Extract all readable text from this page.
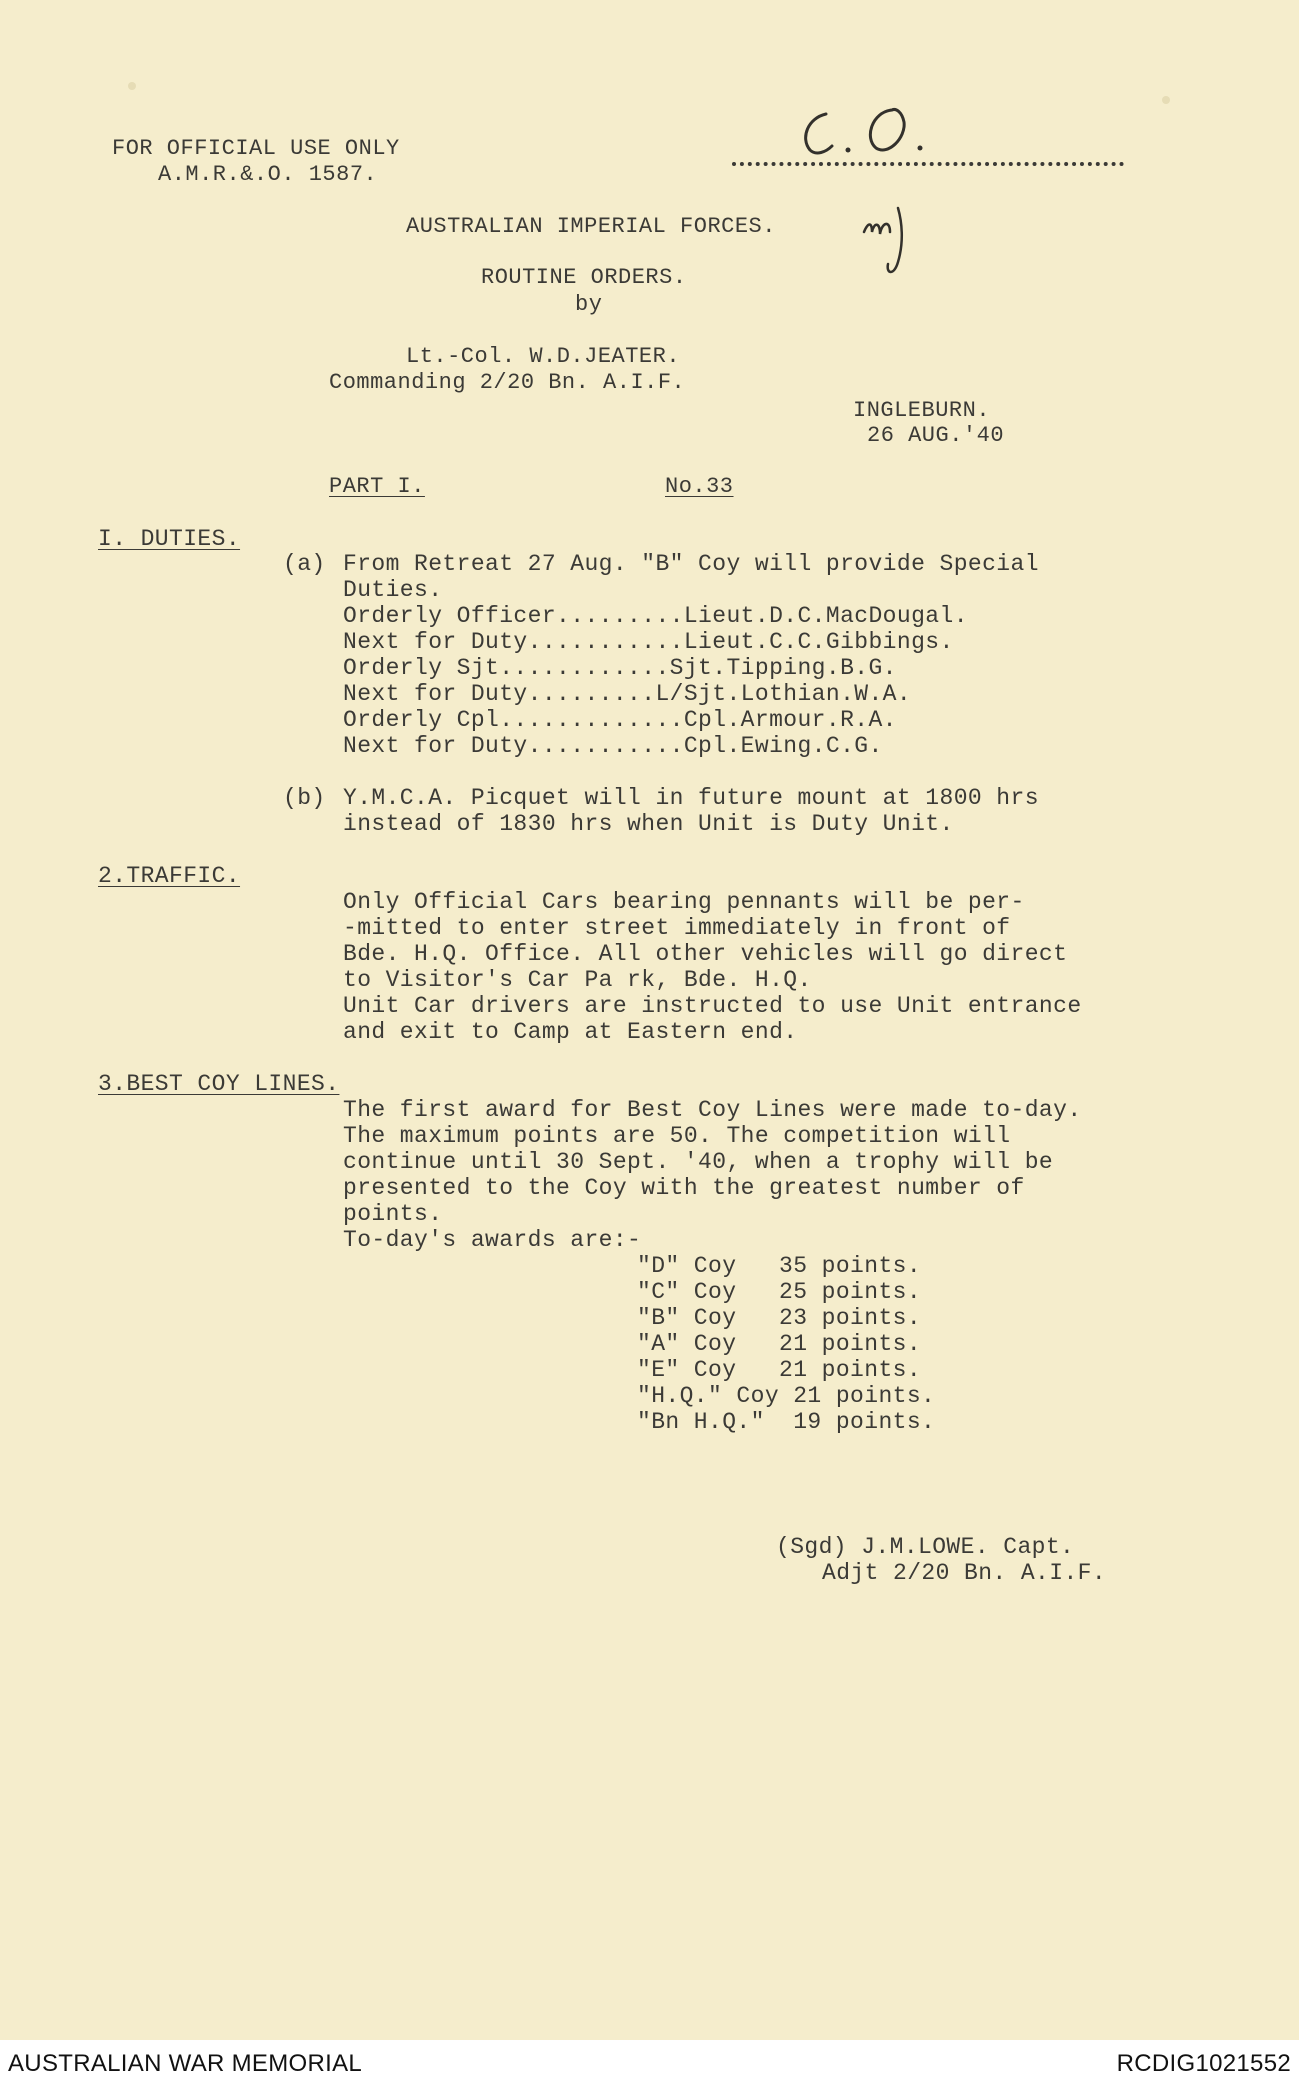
FOR OFFICIAL USE ONLY
A.M.R.&.O. 1587.
C.O.
MJ
AUSTRALIAN IMPERIAL FORCES.
ROUTINE ORDERS.
by
Lt.-Col. W.D.JEATER.
Commanding 2/20 Bn. A.I.F.
INGLEBURN.
26 AUG.'40
PART I.	No.33
I. DUTIES.
(a) From Retreat 27 Aug. "B" Coy will provide Special
Duties.
Orderly Officer.........Lieut.D.C.MacDougal.
Next for Duty...........Lieut.C.C.Gibbings.
Orderly Sjt............Sjt.Tipping.B.G.
Next for Duty.........L/Sjt.Lothian.W.A.
Orderly Cpl.............Cpl.Armour.R.A.
Next for Duty...........Cpl.Ewing.C.G.
(b) Y.M.C.A. Picquet will in future mount at 1800 hrs
instead of 1830 hrs when Unit is Duty Unit.
2.TRAFFIC.
Only Official Cars bearing pennants will be per-
-mitted to enter street immediately in front of
Bde. H.Q. Office. All other vehicles will go direct
to Visitor's Car Pa rk, Bde. H.Q.
Unit Car drivers are instructed to use Unit entrance
and exit to Camp at Eastern end.
3.BEST COY LINES.
The first award for Best Coy Lines were made to-day.
The maximum points are 50. The competition will
continue until 30 Sept. '40, when a trophy will be
presented to the Coy with the greatest number of
points.
To-day's awards are:-
"D" Coy   35 points.
"C" Coy   25 points.
"B" Coy   23 points.
"A" Coy   21 points.
"E" Coy   21 points.
"H.Q." Coy 21 points.
"Bn H.Q."  19 points.
(Sgd) J.M.LOWE. Capt.
Adjt 2/20 Bn. A.I.F.
AUSTRALIAN WAR MEMORIAL	RCDIG1021552
